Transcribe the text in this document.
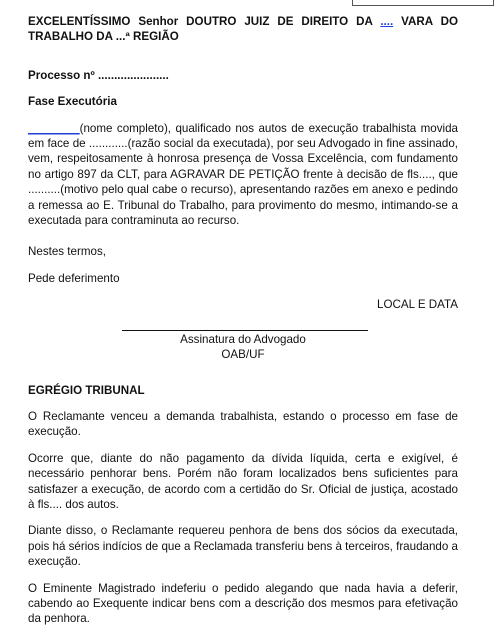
EXCELENTÍSSIMO Senhor DOUTRO JUIZ DE DIREITO DA .... VARA DO TRABALHO DA ...ª REGIÃO

Processo nº ......................

Fase Executória

________(nome completo), qualificado nos autos de execução trabalhista movida em face de ............(razão social da executada), por seu Advogado in fine assinado, vem, respeitosamente à honrosa presença de Vossa Excelência, com fundamento no artigo 897 da CLT, para AGRAVAR DE PETIÇÃO frente à decisão de fls...., que ..........(motivo pelo qual cabe o recurso), apresentando razões em anexo e pedindo a remessa ao E. Tribunal do Trabalho, para provimento do mesmo, intimando-se a executada para contraminuta ao recurso.

Nestes termos,

Pede deferimento

LOCAL E DATA

Assinatura do Advogado

OAB/UF

EGRÉGIO TRIBUNAL

O Reclamante venceu a demanda trabalhista, estando o processo em fase de execução.

Ocorre que, diante do não pagamento da dívida líquida, certa e exigível, é necessário penhorar bens. Porém não foram localizados bens suficientes para satisfazer a execução, de acordo com a certidão do Sr. Oficial de justiça, acostado à fls.... dos autos.

Diante disso, o Reclamante requereu penhora de bens dos sócios da executada, pois há sérios indícios de que a Reclamada transferiu bens à terceiros, fraudando a execução.

O Eminente Magistrado indeferiu o pedido alegando que nada havia a deferir, cabendo ao Exequente indicar bens com a descrição dos mesmos para efetivação da penhora.
